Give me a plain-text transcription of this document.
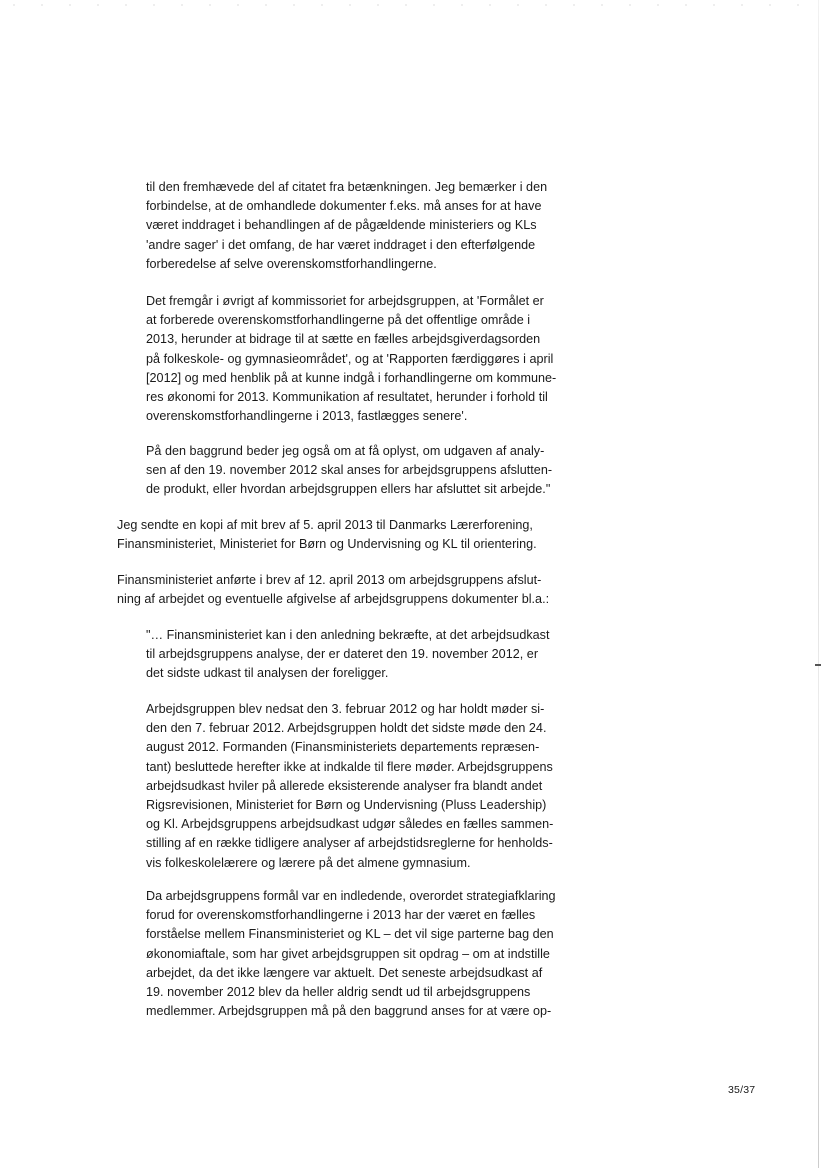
til den fremhævede del af citatet fra betænkningen. Jeg bemærker i den
forbindelse, at de omhandlede dokumenter f.eks. må anses for at have
været inddraget i behandlingen af de pågældende ministeriers og KLs
'andre sager' i det omfang, de har været inddraget i den efterfølgende
forberedelse af selve overenskomstforhandlingerne.

Det fremgår i øvrigt af kommissoriet for arbejdsgruppen, at 'Formålet er
at forberede overenskomstforhandlingerne på det offentlige område i
2013, herunder at bidrage til at sætte en fælles arbejdsgiverdagsorden
på folkeskole- og gymnasieområdet', og at 'Rapporten færdiggøres i april
[2012] og med henblik på at kunne indgå i forhandlingerne om kommune-
res økonomi for 2013. Kommunikation af resultatet, herunder i forhold til
overenskomstforhandlingerne i 2013, fastlægges senere'.

På den baggrund beder jeg også om at få oplyst, om udgaven af analy-
sen af den 19. november 2012 skal anses for arbejdsgruppens afslutten-
de produkt, eller hvordan arbejdsgruppen ellers har afsluttet sit arbejde."

Jeg sendte en kopi af mit brev af 5. april 2013 til Danmarks Lærerforening,
Finansministeriet, Ministeriet for Børn og Undervisning og KL til orientering.

Finansministeriet anførte i brev af 12. april 2013 om arbejdsgruppens afslut-
ning af arbejdet og eventuelle afgivelse af arbejdsgruppens dokumenter bl.a.:

"… Finansministeriet kan i den anledning bekræfte, at det arbejdsudkast
til arbejdsgruppens analyse, der er dateret den 19. november 2012, er
det sidste udkast til analysen der foreligger.

Arbejdsgruppen blev nedsat den 3. februar 2012 og har holdt møder si-
den den 7. februar 2012. Arbejdsgruppen holdt det sidste møde den 24.
august 2012. Formanden (Finansministeriets departements repræsen-
tant) besluttede herefter ikke at indkalde til flere møder. Arbejdsgruppens
arbejdsudkast hviler på allerede eksisterende analyser fra blandt andet
Rigsrevisionen, Ministeriet for Børn og Undervisning (Pluss Leadership)
og Kl. Arbejdsgruppens arbejdsudkast udgør således en fælles sammen-
stilling af en række tidligere analyser af arbejdstidsreglerne for henholds-
vis folkeskolelærere og lærere på det almene gymnasium.

Da arbejdsgruppens formål var en indledende, overordet strategiafklaring
forud for overenskomstforhandlingerne i 2013 har der været en fælles
forståelse mellem Finansministeriet og KL – det vil sige parterne bag den
økonomiaftale, som har givet arbejdsgruppen sit opdrag – om at indstille
arbejdet, da det ikke længere var aktuelt. Det seneste arbejdsudkast af
19. november 2012 blev da heller aldrig sendt ud til arbejdsgruppens
medlemmer. Arbejdsgruppen må på den baggrund anses for at være op-

35/37
